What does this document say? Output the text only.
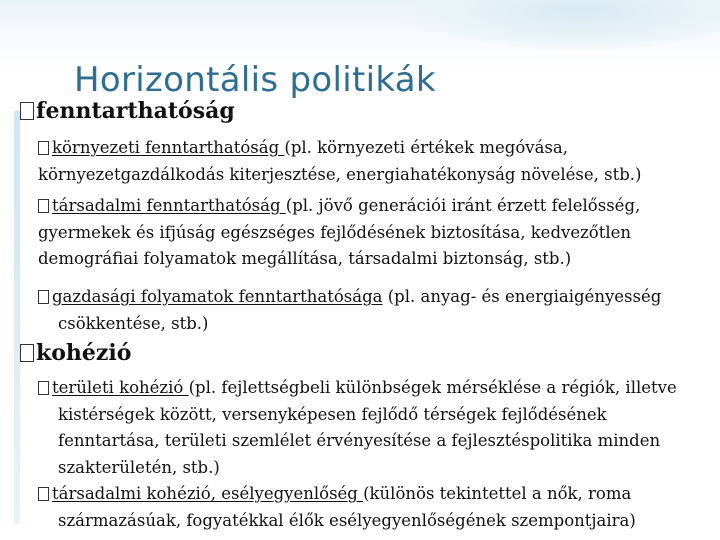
Horizontális politikák
fenntarthatóság
környezeti fenntarthatóság (pl. környezeti értékek megóvása, környezetgazdálkodás kiterjesztése, energiahatékonyság növelése, stb.)
társadalmi fenntarthatóság (pl. jövő generációi iránt érzett felelősség, gyermekek és ifjúság egészséges fejlődésének biztosítása, kedvezőtlen demográfiai folyamatok megállítása, társadalmi biztonság, stb.)
gazdasági folyamatok fenntarthatósága (pl. anyag- és energiaigényesség csökkentése, stb.)
kohézió
területi kohézió (pl. fejlettségbeli különbségek mérséklése a régiók, illetve kistérségek között, versenyképesen fejlődő térségek fejlődésének fenntartása, területi szemlélet érvényesítése a fejlesztéspolitika minden szakterületén, stb.)
társadalmi kohézió, esélyegyenlőség (különös tekintettel a nők, roma származásúak, fogyatékkal élők esélyegyenlőségének szempontjaira)
